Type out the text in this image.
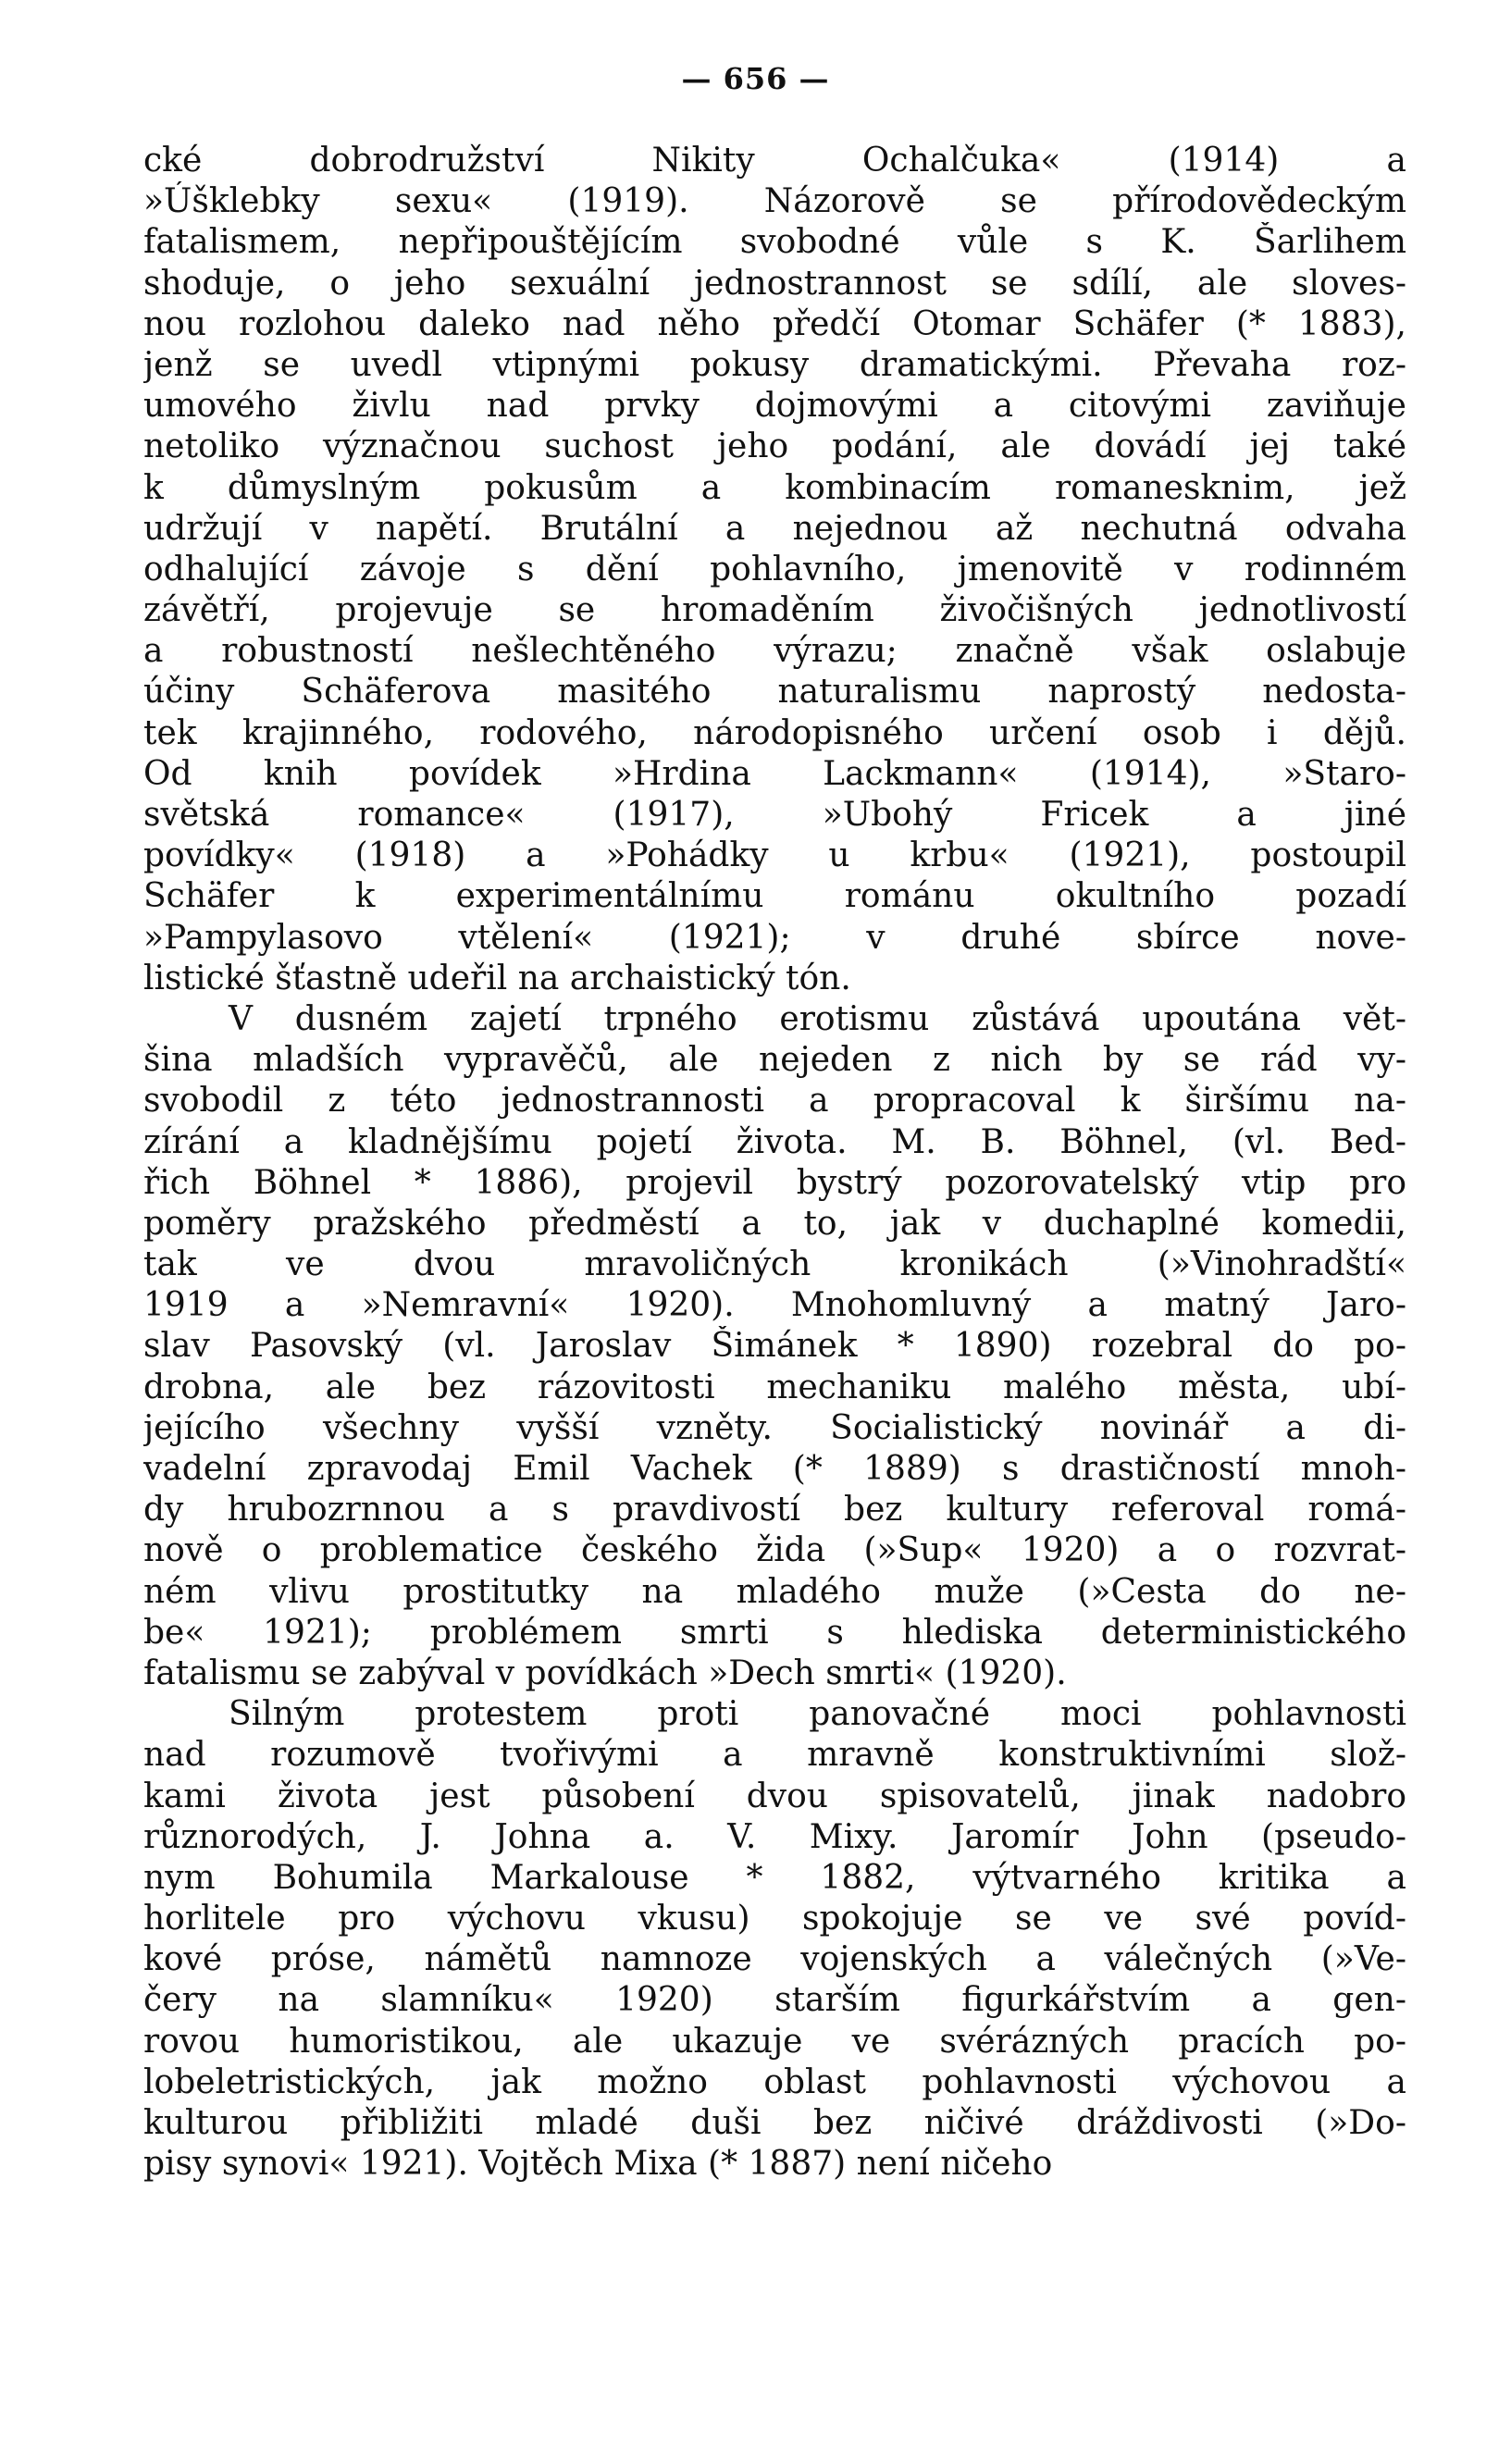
— 656 —
cké dobrodružství Nikity Ochalčuka« (1914) a
»Úšklebky sexu« (1919). Názorově se přírodovědeckým
fatalismem, nepřipouštějícím svobodné vůle s K. Šarlihem
shoduje, o jeho sexuální jednostrannost se sdílí, ale sloves-
nou rozlohou daleko nad něho předčí Otomar Schäfer (* 1883),
jenž se uvedl vtipnými pokusy dramatickými. Převaha roz-
umového živlu nad prvky dojmovými a citovými zaviňuje
netoliko význačnou suchost jeho podání, ale dovádí jej také
k důmyslným pokusům a kombinacím romanesknim, jež
udržují v napětí. Brutální a nejednou až nechutná odvaha
odhalující závoje s dění pohlavního, jmenovitě v rodinném
závětří, projevuje se hromaděním živočišných jednotlivostí
a robustností nešlechtěného výrazu; značně však oslabuje
účiny Schäferova masitého naturalismu naprostý nedosta-
tek krajinného, rodového, národopisného určení osob i dějů.
Od knih povídek »Hrdina Lackmann« (1914), »Staro-
světská romance« (1917), »Ubohý Fricek a jiné
povídky« (1918) a »Pohádky u krbu« (1921), postoupil
Schäfer k experimentálnímu románu okultního pozadí
»Pampylasovo vtělení« (1921); v druhé sbírce nove-
listické šťastně udeřil na archaistický tón.
V dusném zajetí trpného erotismu zůstává upoutána vět-
šina mladších vypravěčů, ale nejeden z nich by se rád vy-
svobodil z této jednostrannosti a propracoval k širšímu na-
zírání a kladnějšímu pojetí života. M. B. Böhnel, (vl. Bed-
řich Böhnel * 1886), projevil bystrý pozorovatelský vtip pro
poměry pražského předměstí a to, jak v duchaplné komedii,
tak ve dvou mravoličných kronikách (»Vinohradští«
1919 a »Nemravní« 1920). Mnohomluvný a matný Jaro-
slav Pasovský (vl. Jaroslav Šimánek * 1890) rozebral do po-
drobna, ale bez rázovitosti mechaniku malého města, ubí-
jejícího všechny vyšší vzněty. Socialistický novinář a di-
vadelní zpravodaj Emil Vachek (* 1889) s drastičností mnoh-
dy hrubozrnnou a s pravdivostí bez kultury referoval romá-
nově o problematice českého žida (»Sup« 1920) a o rozvrat-
ném vlivu prostitutky na mladého muže (»Cesta do ne-
be« 1921); problémem smrti s hlediska deterministického
fatalismu se zabýval v povídkách »Dech smrti« (1920).
Silným protestem proti panovačné moci pohlavnosti
nad rozumově tvořivými a mravně konstruktivními slož-
kami života jest působení dvou spisovatelů, jinak nadobro
různorodých, J. Johna a. V. Mixy. Jaromír John (pseudo-
nym Bohumila Markalouse * 1882, výtvarného kritika a
horlitele pro výchovu vkusu) spokojuje se ve své povíd-
kové próse, námětů namnoze vojenských a válečných (»Ve-
čery na slamníku« 1920) starším figurkářstvím a gen-
rovou humoristikou, ale ukazuje ve svérázných pracích po-
lobeletristických, jak možno oblast pohlavnosti výchovou a
kulturou přibližiti mladé duši bez ničivé dráždivosti (»Do-
pisy synovi« 1921). Vojtěch Mixa (* 1887) není ničeho
